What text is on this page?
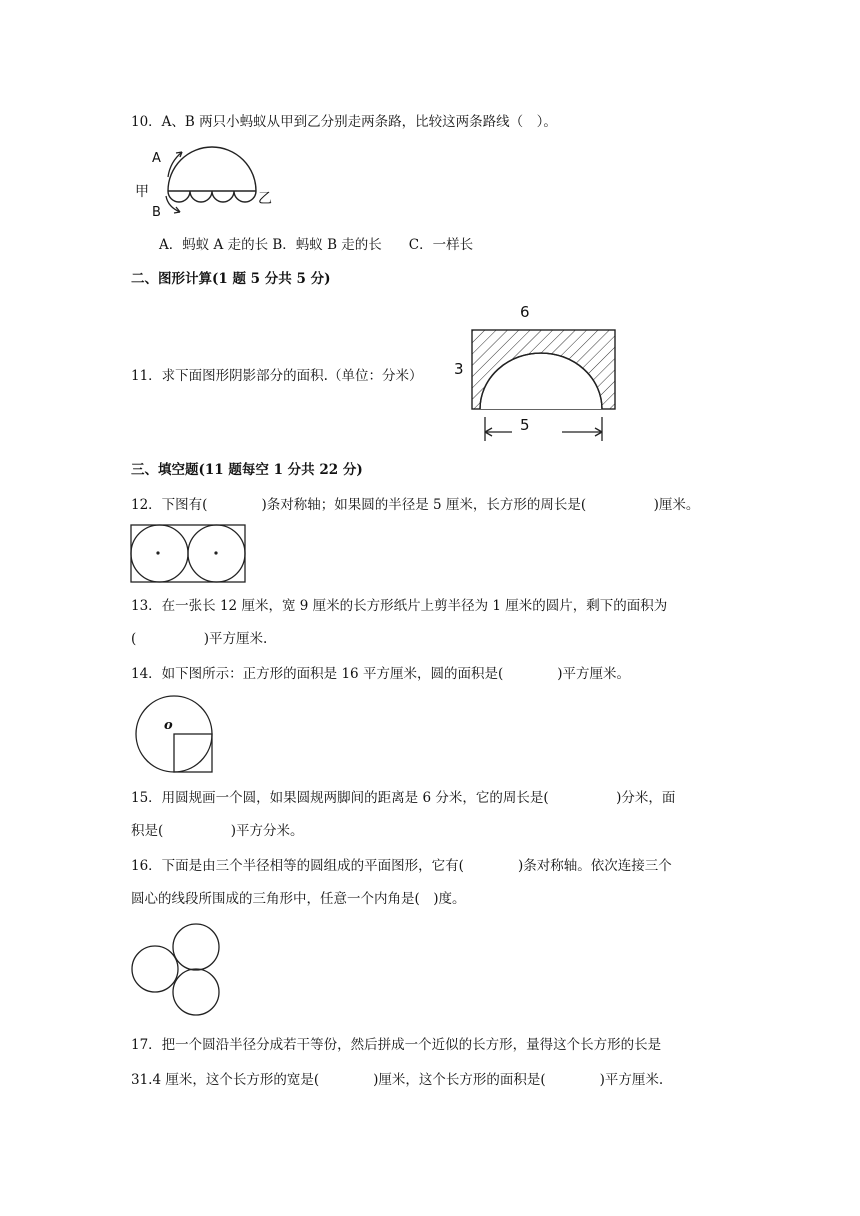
10．A、B 两只小蚂蚁从甲到乙分别走两条路，比较这两条路线（　）。
A
甲
B
乙
A．蚂蚁 A 走的长 B．蚂蚁 B 走的长　　C．一样长
二、图形计算(1 题 5 分共 5 分)
11．求下面图形阴影部分的面积.（单位：分米）
6
3
5
三、填空题(11 题每空 1 分共 22 分)
12．下图有(　　　　)条对称轴；如果圆的半径是 5 厘米，长方形的周长是(　　　　　)厘米。
13．在一张长 12 厘米，宽 9 厘米的长方形纸片上剪半径为 1 厘米的圆片，剩下的面积为
(　　　　　)平方厘米.
14．如下图所示：正方形的面积是 16 平方厘米，圆的面积是(　　　　)平方厘米。
o
15．用圆规画一个圆，如果圆规两脚间的距离是 6 分米，它的周长是(　　　　　)分米，面
积是(　　　　　)平方分米。
16．下面是由三个半径相等的圆组成的平面图形，它有(　　　　)条对称轴。依次连接三个
圆心的线段所围成的三角形中，任意一个内角是(　)度。
17．把一个圆沿半径分成若干等份，然后拼成一个近似的长方形，量得这个长方形的长是
31.4 厘米，这个长方形的宽是(　　　　)厘米，这个长方形的面积是(　　　　)平方厘米.
